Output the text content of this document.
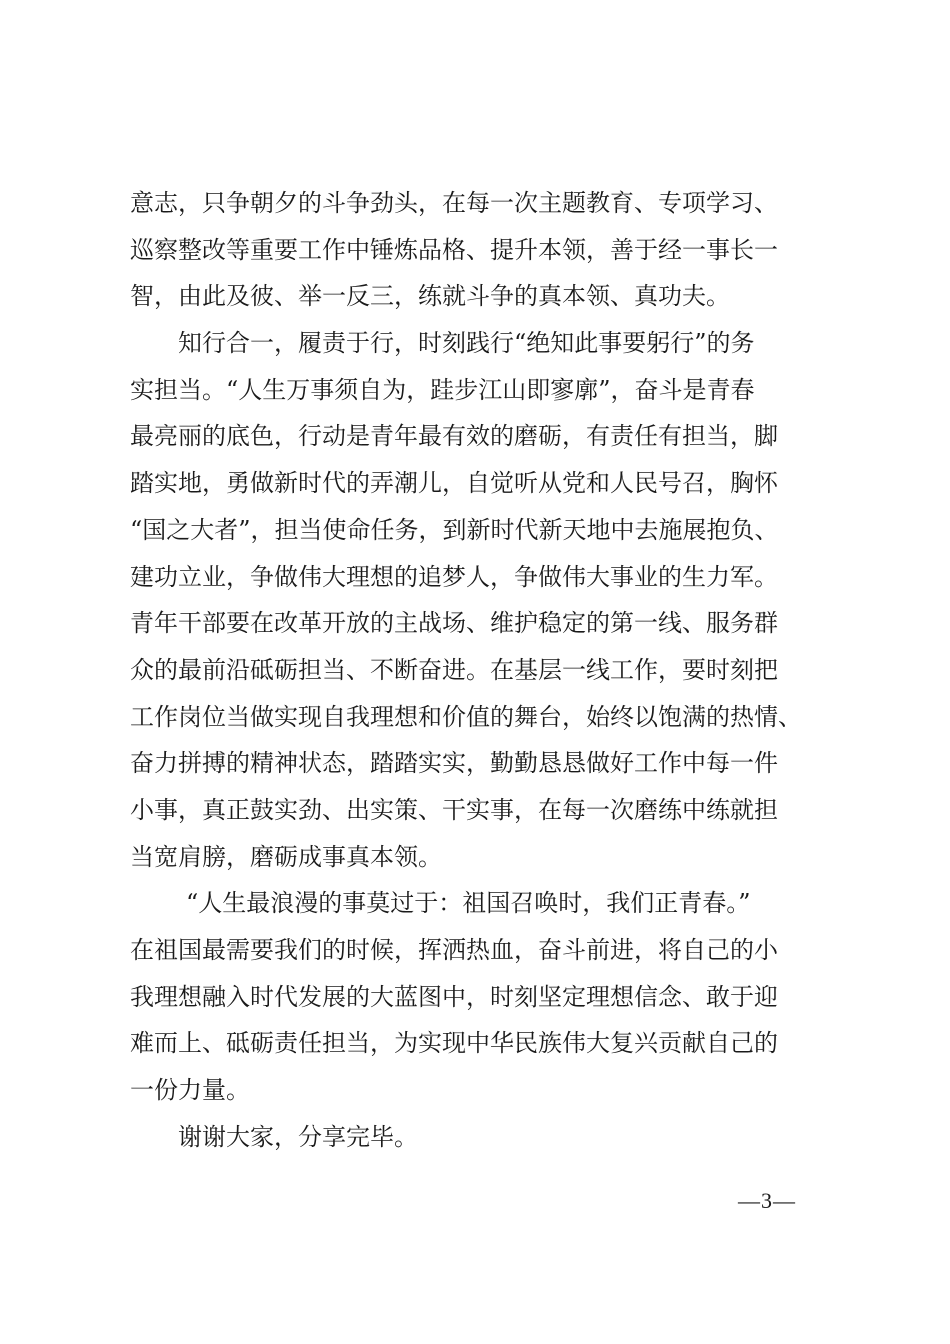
意志，只争朝夕的斗争劲头，在每一次主题教育、专项学习、
巡察整改等重要工作中锤炼品格、提升本领，善于经一事长一
智，由此及彼、举一反三，练就斗争的真本领、真功夫。
知行合一，履责于行，时刻践行“绝知此事要躬行”的务
实担当。“人生万事须自为，跬步江山即寥廓”，奋斗是青春
最亮丽的底色，行动是青年最有效的磨砺，有责任有担当，脚
踏实地，勇做新时代的弄潮儿，自觉听从党和人民号召，胸怀
“国之大者”，担当使命任务，到新时代新天地中去施展抱负、
建功立业，争做伟大理想的追梦人，争做伟大事业的生力军。
青年干部要在改革开放的主战场、维护稳定的第一线、服务群
众的最前沿砥砺担当、不断奋进。在基层一线工作，要时刻把
工作岗位当做实现自我理想和价值的舞台，始终以饱满的热情、
奋力拼搏的精神状态，踏踏实实，勤勤恳恳做好工作中每一件
小事，真正鼓实劲、出实策、干实事，在每一次磨练中练就担
当宽肩膀，磨砺成事真本领。
“人生最浪漫的事莫过于：祖国召唤时，我们正青春。”
在祖国最需要我们的时候，挥洒热血，奋斗前进，将自己的小
我理想融入时代发展的大蓝图中，时刻坚定理想信念、敢于迎
难而上、砥砺责任担当，为实现中华民族伟大复兴贡献自己的
一份力量。
谢谢大家，分享完毕。
—3—
